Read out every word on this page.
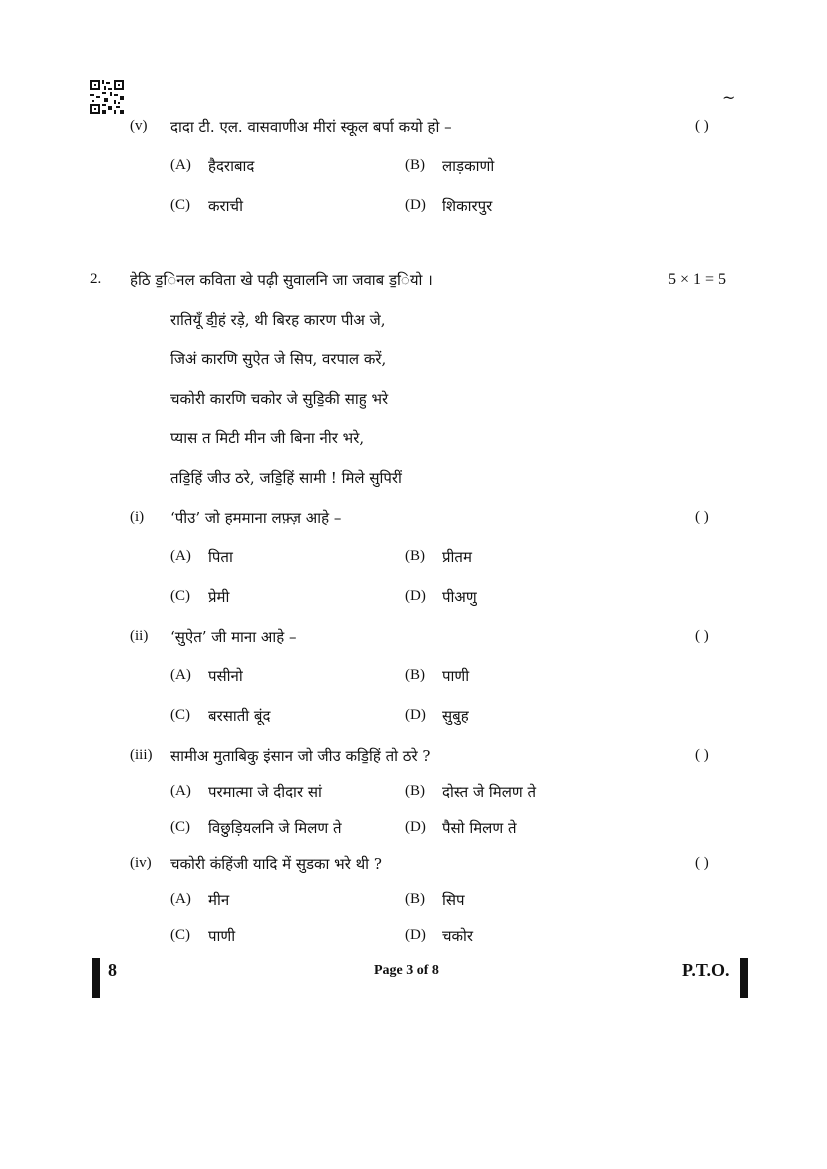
~
(v) दादा टी. एल. वासवाणीअ मीरां स्कूल बर्पा कयो हो –	( )
(A) हैदराबाद	(B) लाड़काणो
(C) कराची	(D) शिकारपुर
2. हेठि ड॒िनल कविता खे पढ़ी सुवालनि जा जवाब ड॒ियो ।	5 × 1 = 5
रातियूँ डी॒हं रड़े, थी बिरह कारण पीअ जे,
जिअं कारणि सुऐत जे सिप, वरपाल करें,
चकोरी कारणि चकोर जे सुडि॒की साहु भरे
प्यास त मिटी मीन जी बिना नीर भरे,
तडि॒हिं जीउ ठरे, जडि॒हिं सामी ! मिले सुपिरीं
(i) ‘पीउ’ जो हममाना लफ़्ज़ आहे –	( )
(A) पिता	(B) प्रीतम
(C) प्रेमी	(D) पीअणु
(ii) ‘सुऐत’ जी माना आहे –	( )
(A) पसीनो	(B) पाणी
(C) बरसाती बूंद	(D) सुबुह
(iii) सामीअ मुताबिकु इंसान जो जीउ कडि॒हिं तो ठरे ?	( )
(A) परमात्मा जे दीदार सां	(B) दोस्त जे मिलण ते
(C) विछुड़ियलनि जे मिलण ते	(D) पैसो मिलण ते
(iv) चकोरी कंहिंजी यादि में सुडका भरे थी ?	( )
(A) मीन	(B) सिप
(C) पाणी	(D) चकोर
8	Page 3 of 8	P.T.O.
